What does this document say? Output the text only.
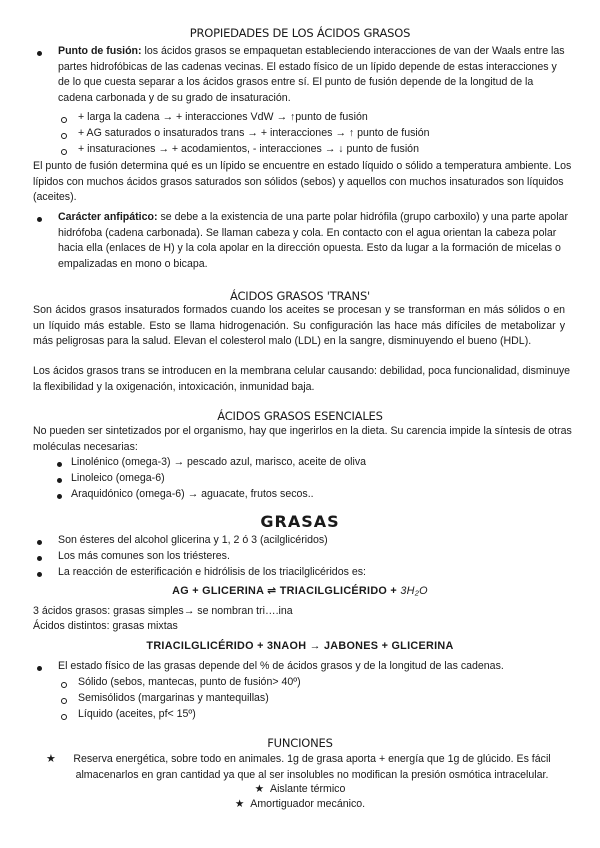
PROPIEDADES DE LOS ÁCIDOS GRASOS
Punto de fusión: los ácidos grasos se empaquetan estableciendo interacciones de van der Waals entre las partes hidrofóbicas de las cadenas vecinas. El estado físico de un lípido depende de estas interacciones y de lo que cuesta separar a los ácidos grasos entre sí. El punto de fusión depende de la longitud de la cadena carbonada y de su grado de insaturación.
+ larga la cadena → + interacciones VdW → ↑punto de fusión
+ AG saturados o insaturados trans → + interacciones → ↑ punto de fusión
+ insaturaciones → + acodamientos, - interacciones → ↓ punto de fusión
El punto de fusión determina qué es un lípido se encuentre en estado líquido o sólido a temperatura ambiente. Los lípidos con muchos ácidos grasos saturados son sólidos (sebos) y aquellos con muchos insaturados son líquidos (aceites).
Carácter anfipático: se debe a la existencia de una parte polar hidrófila (grupo carboxilo) y una parte apolar hidrófoba (cadena carbonada). Se llaman cabeza y cola. En contacto con el agua orientan la cabeza polar hacia ella (enlaces de H) y la cola apolar en la dirección opuesta. Esto da lugar a la formación de micelas o empalizadas en mono o bicapa.
ÁCIDOS GRASOS 'TRANS'
Son ácidos grasos insaturados formados cuando los aceites se procesan y se transforman en más sólidos o en un líquido más estable. Esto se llama hidrogenación. Su configuración las hace más difíciles de metabolizar y más peligrosas para la salud. Elevan el colesterol malo (LDL) en la sangre, disminuyendo el bueno (HDL).
Los ácidos grasos trans se introducen en la membrana celular causando: debilidad, poca funcionalidad, disminuye la flexibilidad y la oxigenación, intoxicación, inmunidad baja.
ÁCIDOS GRASOS ESENCIALES
No pueden ser sintetizados por el organismo, hay que ingerirlos en la dieta. Su carencia impide la síntesis de otras moléculas necesarias:
Linolénico (omega-3) → pescado azul, marisco, aceite de oliva
Linoleico (omega-6)
Araquidónico (omega-6) → aguacate, frutos secos..
GRASAS
Son ésteres del alcohol glicerina y 1, 2 ó 3 (acilglicéridos)
Los más comunes son los triésteres.
La reacción de esterificación e hidrólisis de los triacilglicéridos es:
AG + GLICERINA ⇌ TRIACILGLICÉRIDO + 3H₂O
3 ácidos grasos: grasas simples→ se nombran tri….ina
Ácidos distintos: grasas mixtas
TRIACILGLICÉRIDO + 3NAOH → JABONES + GLICERINA
El estado físico de las grasas depende del % de ácidos grasos y de la longitud de las cadenas.
Sólido (sebos, mantecas, punto de fusión> 40º)
Semisólidos (margarinas y mantequillas)
Líquido (aceites, pf< 15º)
FUNCIONES
★	Reserva energética, sobre todo en animales. 1g de grasa aporta + energía que 1g de glúcido. Es fácil almacenarlos en gran cantidad ya que al ser insolubles no modifican la presión osmótica intracelular.
★  Aislante térmico
★  Amortiguador mecánico.
